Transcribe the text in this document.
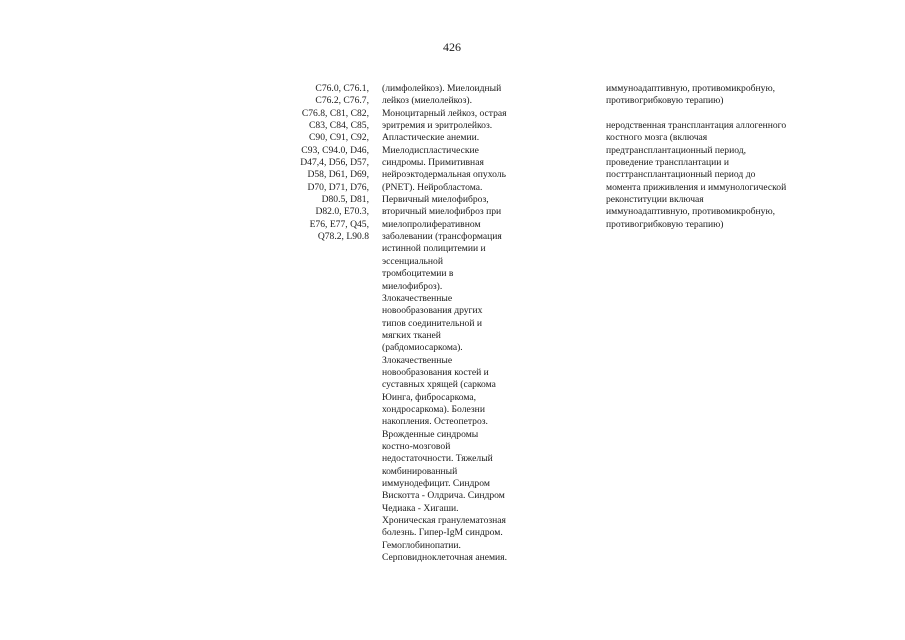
426
C76.0, C76.1,
C76.2, C76.7,
C76.8, C81, C82,
C83, C84, C85,
C90, C91, C92,
C93, C94.0, D46,
D47,4, D56, D57,
D58, D61, D69,
D70, D71, D76,
D80.5, D81,
D82.0, E70.3,
E76, E77, Q45,
Q78.2, L90.8
(лимфолейкоз). Миелоидный
лейкоз (миелолейкоз).
Моноцитарный лейкоз, острая
эритремия и эритролейкоз.
Апластические анемии.
Миелодиспластические
синдромы. Примитивная
нейроэктодермальная опухоль
(PNET). Нейробластома.
Первичный миелофиброз,
вторичный миелофиброз при
миелопролиферативном
заболевании (трансформация
истинной полицитемии и
эссенциальной
тромбоцитемии в
миелофиброз).
Злокачественные
новообразования других
типов соединительной и
мягких тканей
(рабдомиосаркома).
Злокачественные
новообразования костей и
суставных хрящей (саркома
Юинга, фибросаркома,
хондросаркома). Болезни
накопления. Остеопетроз.
Врожденные синдромы
костно-мозговой
недостаточности. Тяжелый
комбинированный
иммунодефицит. Синдром
Вискотта - Олдрича. Синдром
Чедиака - Хигаши.
Хроническая гранулематозная
болезнь. Гипер-IgM синдром.
Гемоглобинопатии.
Серповидноклеточная анемия.
иммуноадаптивную, противомикробную,
противогрибковую терапию)
неродственная трансплантация аллогенного
костного мозга (включая
предтрансплантационный период,
проведение трансплантации и
посттрансплантационный период до
момента приживления и иммунологической
реконституции включая
иммуноадаптивную, противомикробную,
противогрибковую терапию)
